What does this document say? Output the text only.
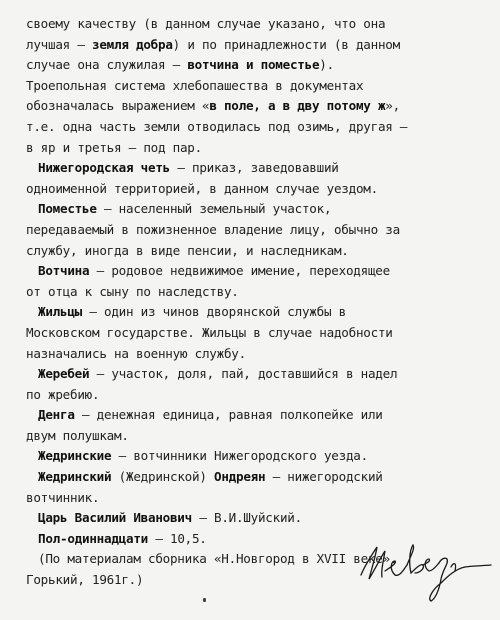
своему качеству (в данном случае указано, что она
лучшая – земля добра) и по принадлежности (в данном
случае она служилая – вотчина и поместье).
Троепольная система хлебопашества в документах
обозначалась выражением «в поле, а в дву потому ж»,
т.е. одна часть земли отводилась под озимь, другая –
в яр и третья – под пар.
Нижегородская четь – приказ, заведовавший
одноименной территорией, в данном случае уездом.
Поместье – населенный земельный участок,
передаваемый в пожизненное владение лицу, обычно за
службу, иногда в виде пенсии, и наследникам.
Вотчина – родовое недвижимое имение, переходящее
от отца к сыну по наследству.
Жильцы – один из чинов дворянской службы в
Московском государстве. Жильцы в случае надобности
назначались на военную службу.
Жеребей – участок, доля, пай, доставшийся в надел
по жребию.
Денга – денежная единица, равная полкопейке или
двум полушкам.
Жедринские – вотчинники Нижегородского уезда.
Жедринский (Жедринской) Ондреян – нижегородский
вотчинник.
Царь Василий Иванович – В.И.Шуйский.
Пол-одиннадцати – 10,5.
(По материалам сборника «Н.Новгород в XVII веке».
Горький, 1961г.)
